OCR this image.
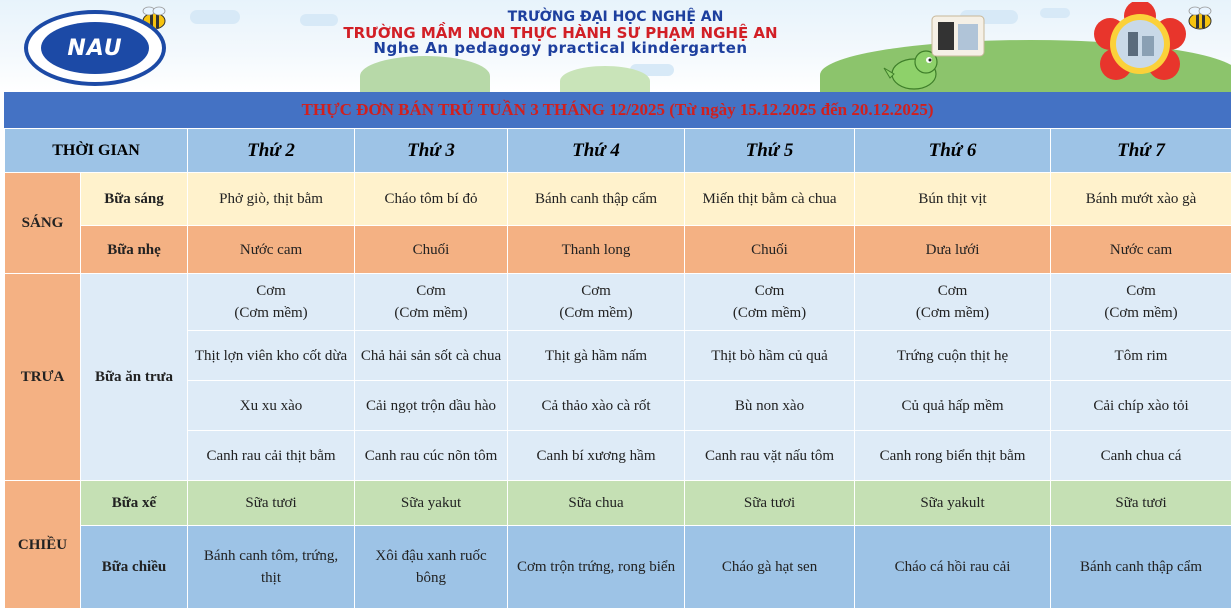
NAU
TRƯỜNG ĐẠI HỌC NGHỆ AN
TRƯỜNG MẦM NON THỰC HÀNH SƯ PHẠM NGHỆ AN
Nghe An pedagogy practical kindergarten
THỰC ĐƠN BÁN TRÚ TUẦN 3 THÁNG 12/2025 (Từ ngày 15.12.2025 đến 20.12.2025)
THỜI GIAN		Thứ 2	Thứ 3	Thứ 4	Thứ 5	Thứ 6	Thứ 7
SÁNG	Bữa sáng	Phở giò, thịt bằm	Cháo tôm bí đỏ	Bánh canh thập cẩm	Miến thịt bằm cà chua	Bún thịt vịt	Bánh mướt xào gà
	Bữa nhẹ	Nước cam	Chuối	Thanh long	Chuối	Dưa lưới	Nước cam
TRƯA	Bữa ăn trưa	Cơm
(Cơm mềm)	Cơm
(Cơm mềm)	Cơm
(Cơm mềm)	Cơm
(Cơm mềm)	Cơm
(Cơm mềm)	Cơm
(Cơm mềm)
		Thịt lợn viên kho cốt dừa	Chả hải sản sốt cà chua	Thịt gà hầm nấm	Thịt bò hầm củ quả	Trứng cuộn thịt hẹ	Tôm rim
		Xu xu xào	Cải ngọt trộn dầu hào	Cả thảo xào cà rốt	Bù non xào	Củ quả hấp mềm	Cải chíp xào tỏi
		Canh rau cải thịt bằm	Canh rau cúc nõn tôm	Canh bí xương hầm	Canh rau vặt nấu tôm	Canh rong biển thịt bằm	Canh chua cá
CHIỀU	Bữa xế	Sữa tươi	Sữa yakut	Sữa chua	Sữa tươi	Sữa yakult	Sữa tươi
	Bữa chiều	Bánh canh tôm, trứng, thịt	Xôi đậu xanh ruốc bông	Cơm trộn trứng, rong biển	Cháo gà hạt sen	Cháo cá hồi rau cải	Bánh canh thập cẩm
